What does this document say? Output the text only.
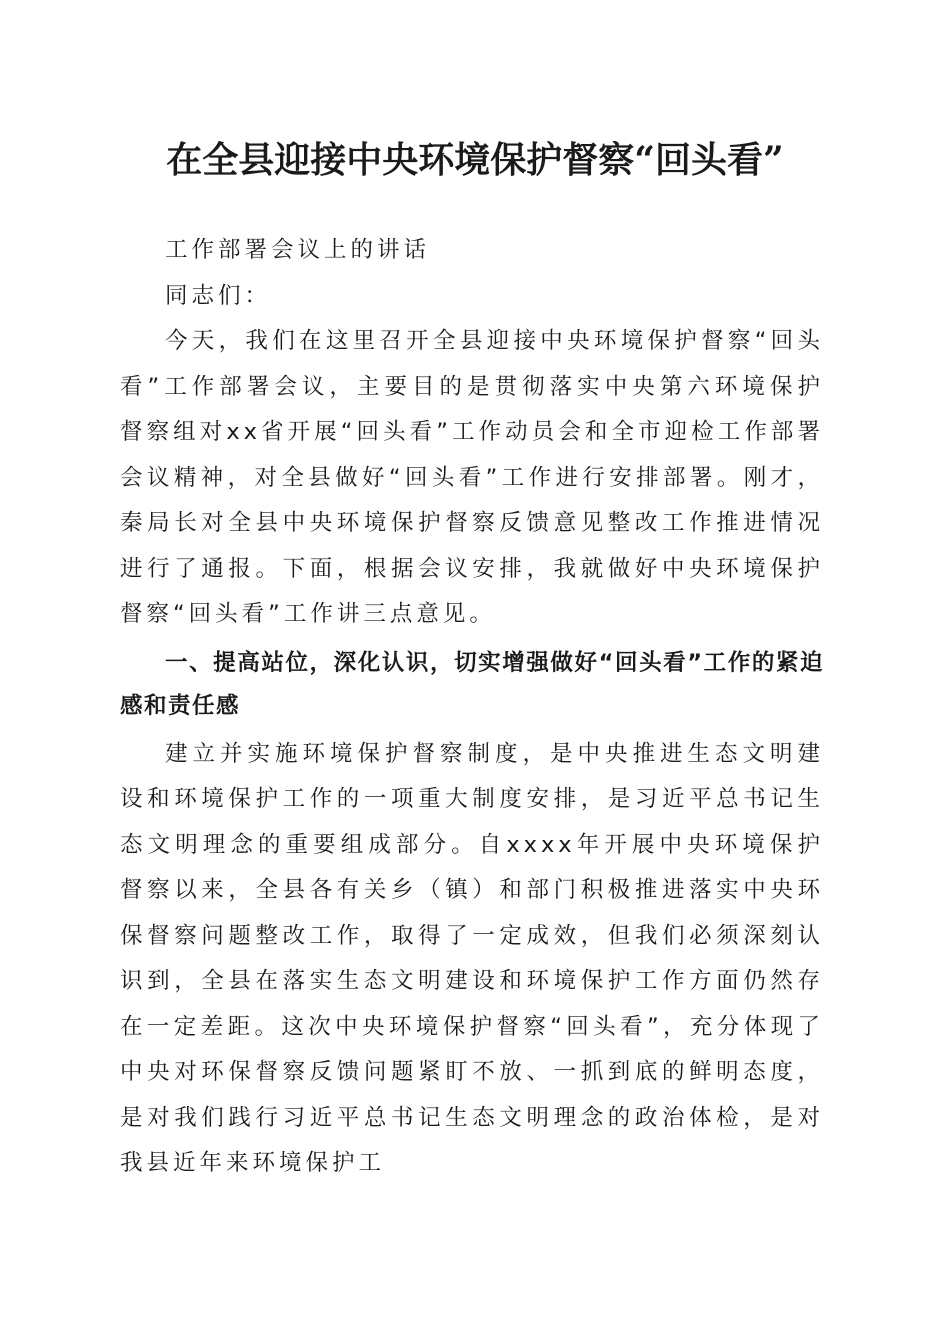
在全县迎接中央环境保护督察“回头看”

工作部署会议上的讲话

同志们：

今天，我们在这里召开全县迎接中央环境保护督察“回头看”工作部署会议，主要目的是贯彻落实中央第六环境保护督察组对xx省开展“回头看”工作动员会和全市迎检工作部署会议精神，对全县做好“回头看”工作进行安排部署。刚才，秦局长对全县中央环境保护督察反馈意见整改工作推进情况进行了通报。下面，根据会议安排，我就做好中央环境保护督察“回头看”工作讲三点意见。

一、提高站位，深化认识，切实增强做好“回头看”工作的紧迫感和责任感

建立并实施环境保护督察制度，是中央推进生态文明建设和环境保护工作的一项重大制度安排，是习近平总书记生态文明理念的重要组成部分。自xxxx年开展中央环境保护督察以来，全县各有关乡（镇）和部门积极推进落实中央环保督察问题整改工作，取得了一定成效，但我们必须深刻认识到，全县在落实生态文明建设和环境保护工作方面仍然存在一定差距。这次中央环境保护督察“回头看”，充分体现了中央对环保督察反馈问题紧盯不放、一抓到底的鲜明态度，是对我们践行习近平总书记生态文明理念的政治体检，是对我县近年来环境保护工
